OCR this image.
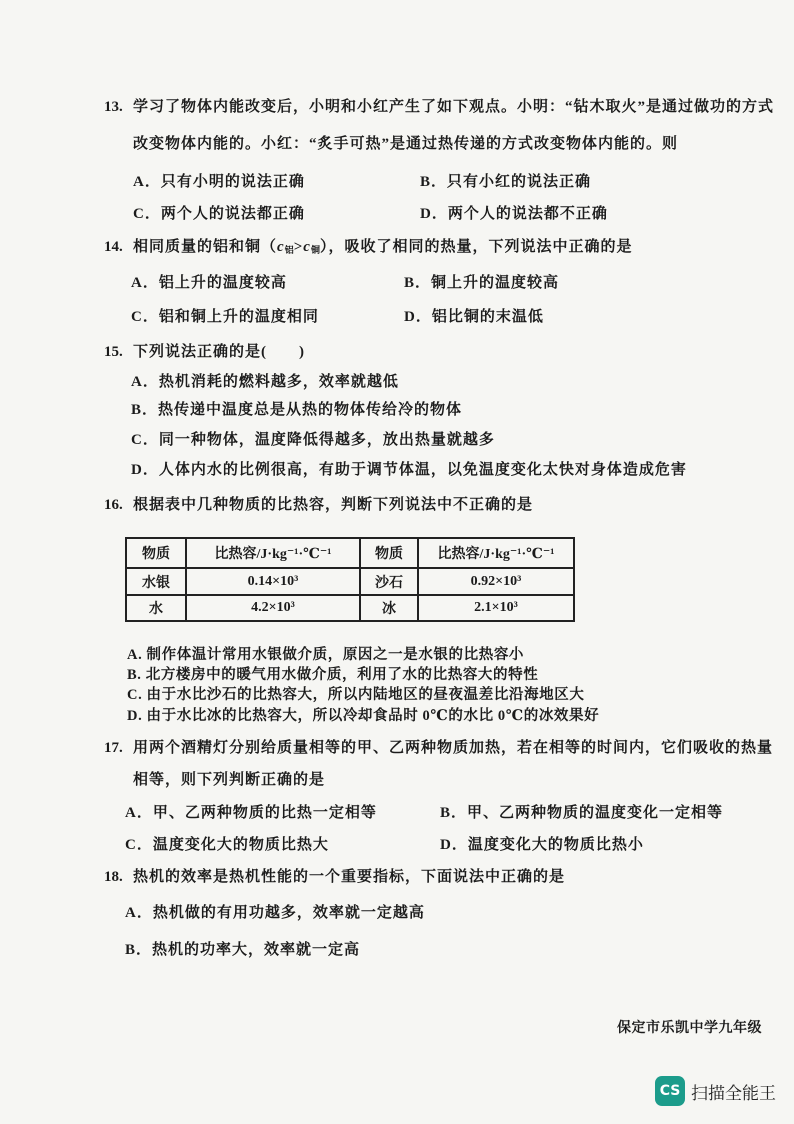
13. 学习了物体内能改变后，小明和小红产生了如下观点。小明：“钻木取火”是通过做功的方式改变物体内能的。小红：“炙手可热”是通过热传递的方式改变物体内能的。则
A．只有小明的说法正确	B．只有小红的说法正确
C．两个人的说法都正确	D．两个人的说法都不正确
14. 相同质量的铝和铜$(c_铝>c_铜)$，吸收了相同的热量，下列说法中正确的是
A．铝上升的温度较高	B．铜上升的温度较高
C．铝和铜上升的温度相同	D．铝比铜的末温低
15. 下列说法正确的是(　　)
A．热机消耗的燃料越多，效率就越低
B．热传递中温度总是从热的物体传给冷的物体
C．同一种物体，温度降低得越多，放出热量就越多
D．人体内水的比例很高，有助于调节体温，以免温度变化太快对身体造成危害
16. 根据表中几种物质的比热容，判断下列说法中不正确的是
物质	比热容/J·kg⁻¹·℃⁻¹	物质	比热容/J·kg⁻¹·℃⁻¹
水银	0.14×10³	沙石	0.92×10³
水	4.2×10³	冰	2.1×10³
A. 制作体温计常用水银做介质，原因之一是水银的比热容小
B. 北方楼房中的暖气用水做介质，利用了水的比热容大的特性
C. 由于水比沙石的比热容大，所以内陆地区的昼夜温差比沿海地区大
D. 由于水比冰的比热容大，所以冷却食品时 0℃的水比 0℃的冰效果好
17. 用两个酒精灯分别给质量相等的甲、乙两种物质加热，若在相等的时间内，它们吸收的热量相等，则下列判断正确的是
A．甲、乙两种物质的比热一定相等	B．甲、乙两种物质的温度变化一定相等
C．温度变化大的物质比热大	D．温度变化大的物质比热小
18. 热机的效率是热机性能的一个重要指标，下面说法中正确的是
A．热机做的有用功越多，效率就一定越高
B．热机的功率大，效率就一定高
保定市乐凯中学九年级
CS 扫描全能王
